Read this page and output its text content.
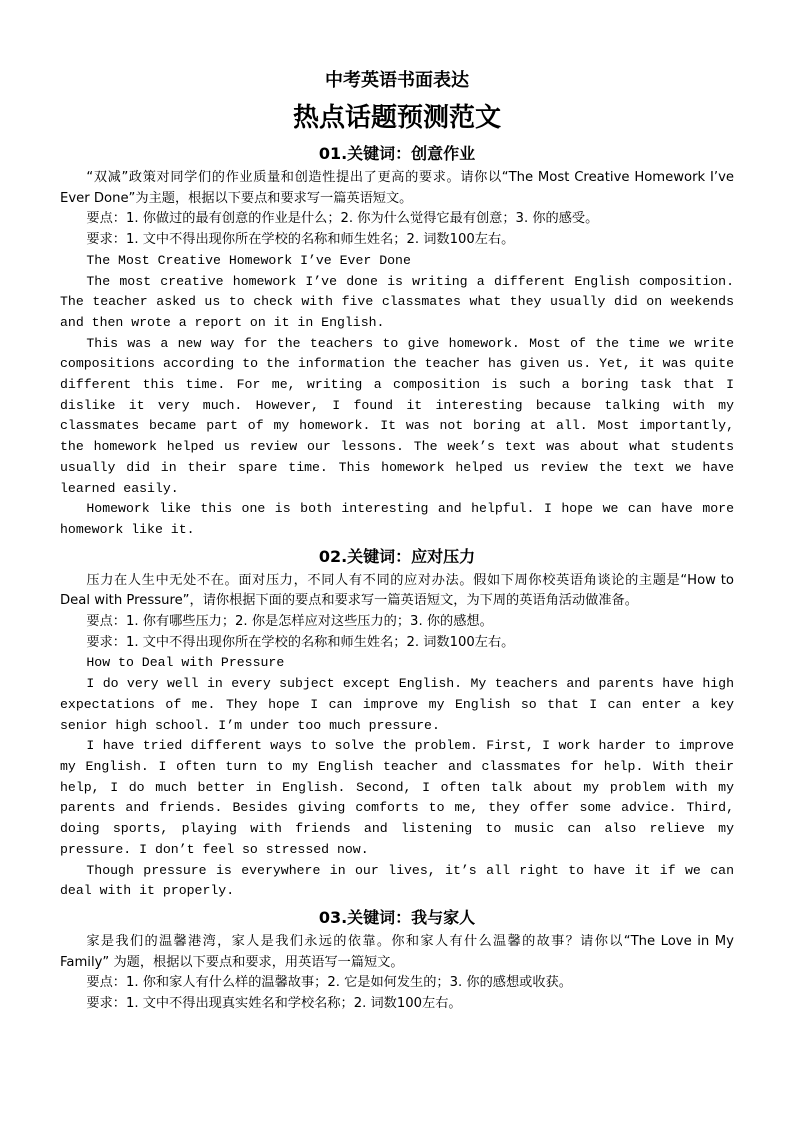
中考英语书面表达
热点话题预测范文
01.关键词：创意作业

“双减”政策对同学们的作业质量和创造性提出了更高的要求。请你以“The Most Creative Homework I’ve Ever Done”为主题，根据以下要点和要求写一篇英语短文。

要点：1. 你做过的最有创意的作业是什么；2. 你为什么觉得它最有创意；3. 你的感受。

要求：1. 文中不得出现你所在学校的名称和师生姓名；2. 词数100左右。

The Most Creative Homework I’ve Ever Done

The most creative homework I’ve done is writing a different English composition. The teacher asked us to check with five classmates what they usually did on weekends and then wrote a report on it in English.

This was a new way for the teachers to give homework. Most of the time we write compositions according to the information the teacher has given us. Yet, it was quite different this time. For me, writing a composition is such a boring task that I dislike it very much. However, I found it interesting because talking with my classmates became part of my homework. It was not boring at all. Most importantly, the homework helped us review our lessons. The week’s text was about what students usually did in their spare time. This homework helped us review the text we have learned easily.

Homework like this one is both interesting and helpful. I hope we can have more homework like it.

02.关键词：应对压力

压力在人生中无处不在。面对压力，不同人有不同的应对办法。假如下周你校英语角谈论的主题是“How to Deal with Pressure”，请你根据下面的要点和要求写一篇英语短文，为下周的英语角活动做准备。

要点：1. 你有哪些压力；2. 你是怎样应对这些压力的；3. 你的感想。

要求：1. 文中不得出现你所在学校的名称和师生姓名；2. 词数100左右。

How to Deal with Pressure

I do very well in every subject except English. My teachers and parents have high expectations of me. They hope I can improve my English so that I can enter a key senior high school. I’m under too much pressure.

I have tried different ways to solve the problem. First, I work harder to improve my English. I often turn to my English teacher and classmates for help. With their help, I do much better in English. Second, I often talk about my problem with my parents and friends. Besides giving comforts to me, they offer some advice. Third, doing sports, playing with friends and listening to music can also relieve my pressure. I don’t feel so stressed now.

Though pressure is everywhere in our lives, it’s all right to have it if we can deal with it properly.

03.关键词：我与家人

家是我们的温馨港湾，家人是我们永远的依靠。你和家人有什么温馨的故事？请你以“The Love in My Family” 为题，根据以下要点和要求，用英语写一篇短文。

要点：1. 你和家人有什么样的温馨故事；2. 它是如何发生的；3. 你的感想或收获。

要求：1. 文中不得出现真实姓名和学校名称；2. 词数100左右。
